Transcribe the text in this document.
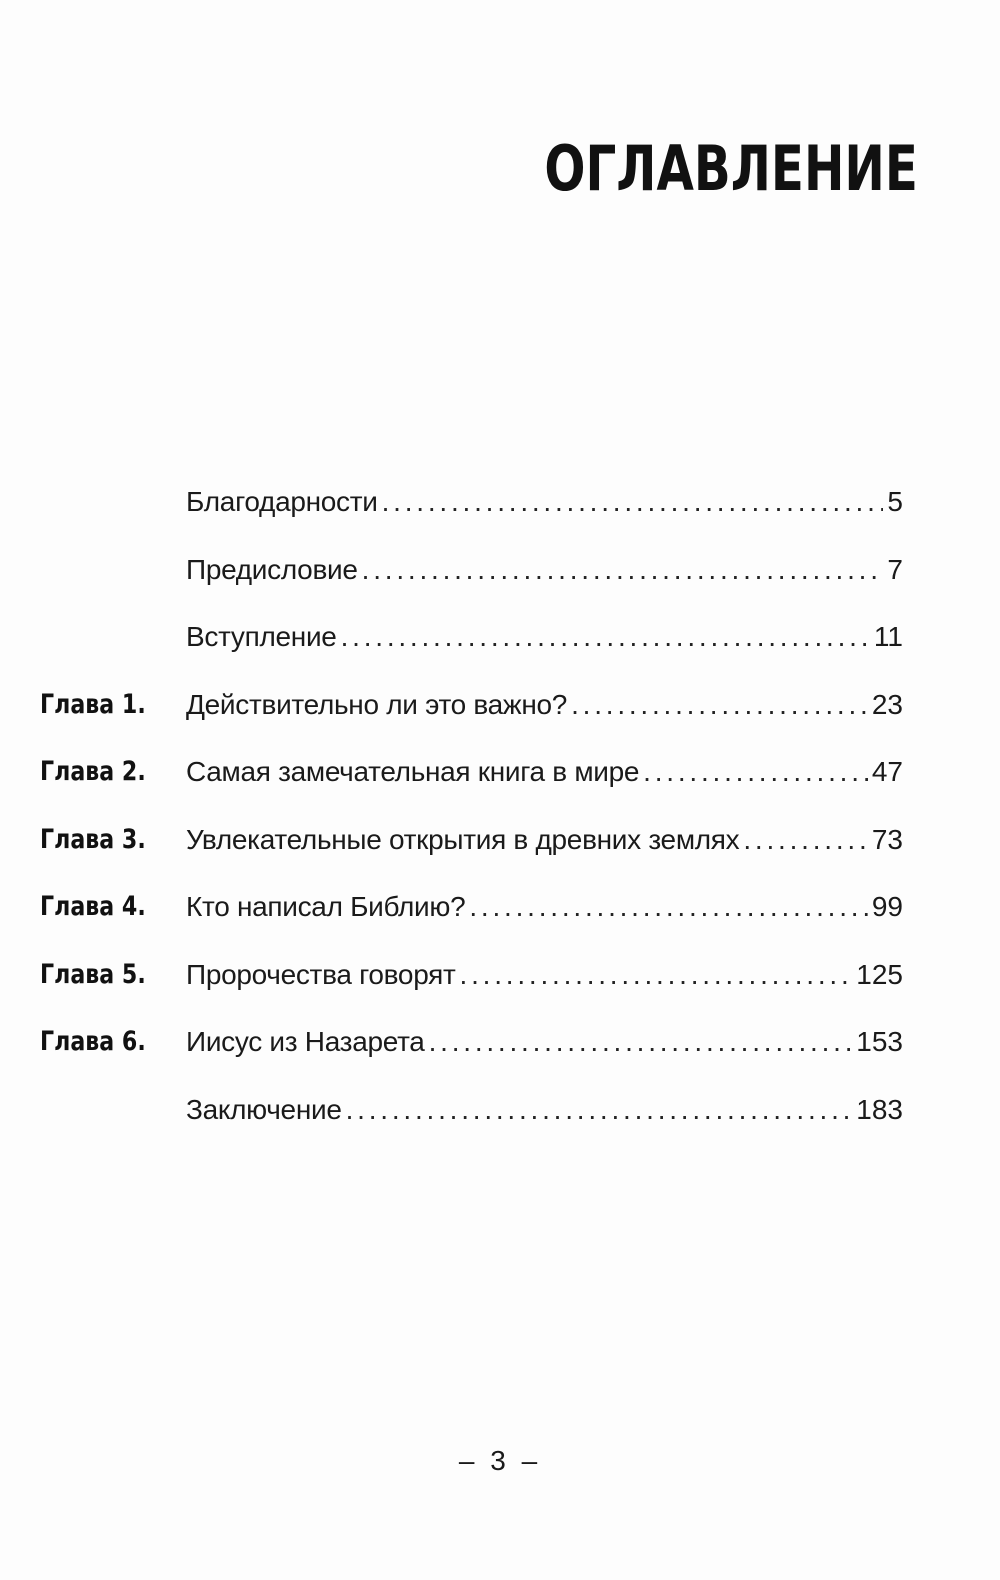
ОГЛАВЛЕНИЕ
Благодарности . . .	5
Предисловие . . .	7
Вступление . . .	11
Глава 1. Действительно ли это важно? . . .	23
Глава 2. Самая замечательная книга в мире . . .	47
Глава 3. Увлекательные открытия в древних землях . . .	73
Глава 4. Кто написал Библию? . . .	99
Глава 5. Пророчества говорят . . .	125
Глава 6. Иисус из Назарета . . .	153
Заключение . . .	183
– 3 –
